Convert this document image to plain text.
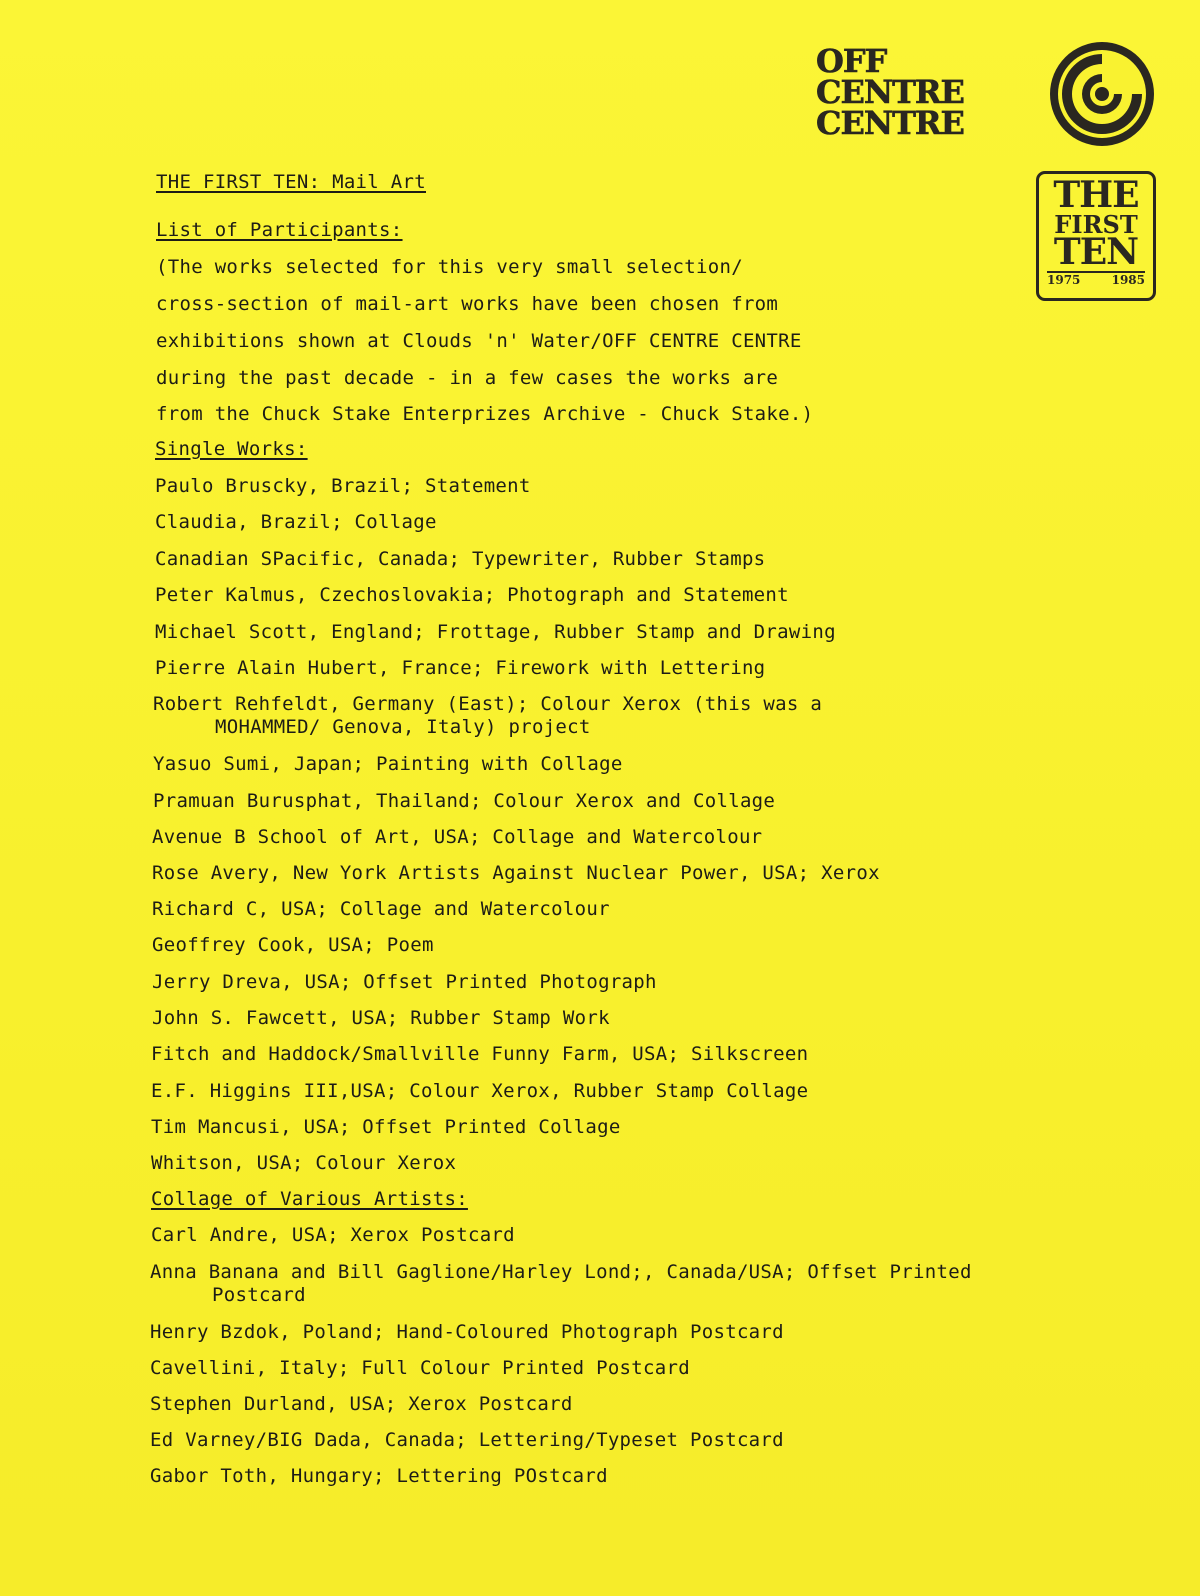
OFF
CENTRE
CENTRE
THE
FIRST
TEN
1975	1985
THE FIRST TEN: Mail Art
List of Participants:
(The works selected for this very small selection/
cross-section of mail-art works have been chosen from
exhibitions shown at Clouds 'n' Water/OFF CENTRE CENTRE
during the past decade - in a few cases the works are
from the Chuck Stake Enterprizes Archive - Chuck Stake.)
Single Works:
Paulo Bruscky, Brazil; Statement
Claudia, Brazil; Collage
Canadian SPacific, Canada; Typewriter, Rubber Stamps
Peter Kalmus, Czechoslovakia; Photograph and Statement
Michael Scott, England; Frottage, Rubber Stamp and Drawing
Pierre Alain Hubert, France; Firework with Lettering
Robert Rehfeldt, Germany (East); Colour Xerox (this was a
MOHAMMED/ Genova, Italy) project
Yasuo Sumi, Japan; Painting with Collage
Pramuan Burusphat, Thailand; Colour Xerox and Collage
Avenue B School of Art, USA; Collage and Watercolour
Rose Avery, New York Artists Against Nuclear Power, USA; Xerox
Richard C, USA; Collage and Watercolour
Geoffrey Cook, USA; Poem
Jerry Dreva, USA; Offset Printed Photograph
John S. Fawcett, USA; Rubber Stamp Work
Fitch and Haddock/Smallville Funny Farm, USA; Silkscreen
E.F. Higgins III,USA; Colour Xerox, Rubber Stamp Collage
Tim Mancusi, USA; Offset Printed Collage
Whitson, USA; Colour Xerox
Collage of Various Artists:
Carl Andre, USA; Xerox Postcard
Anna Banana and Bill Gaglione/Harley Lond;, Canada/USA; Offset Printed
Postcard
Henry Bzdok, Poland; Hand-Coloured Photograph Postcard
Cavellini, Italy; Full Colour Printed Postcard
Stephen Durland, USA; Xerox Postcard
Ed Varney/BIG Dada, Canada; Lettering/Typeset Postcard
Gabor Toth, Hungary; Lettering POstcard
